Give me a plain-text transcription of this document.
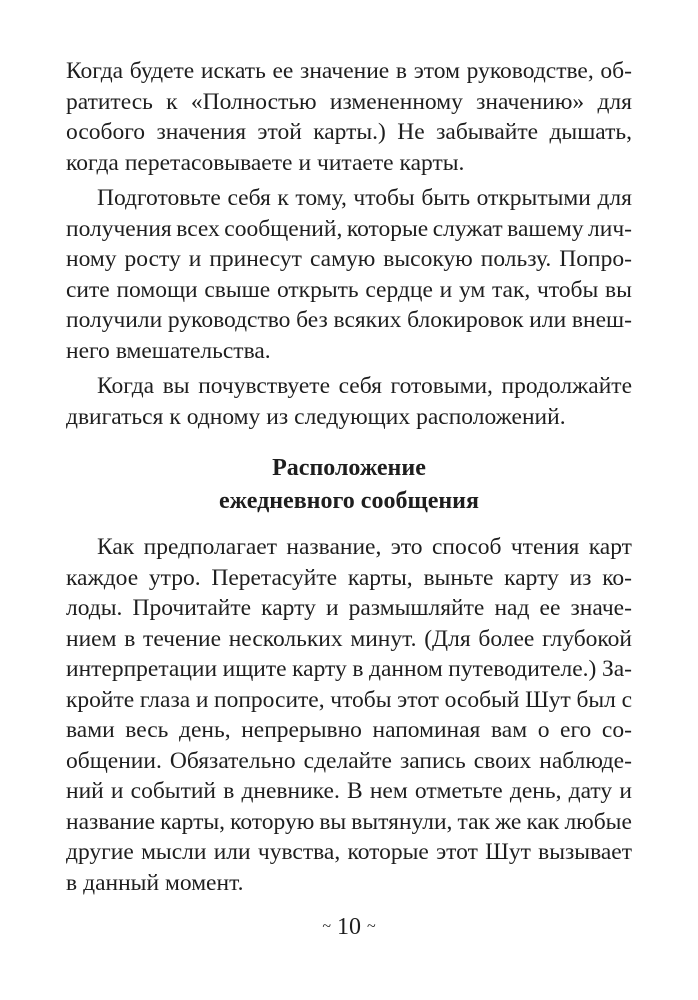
Когда будете искать ее значение в этом руководстве, об-
ратитесь к «Полностью измененному значению» для
особого значения этой карты.) Не забывайте дышать,
когда перетасовываете и читаете карты.
Подготовьте себя к тому, чтобы быть открытыми для
получения всех сообщений, которые служат вашему лич-
ному росту и принесут самую высокую пользу. Попро-
сите помощи свыше открыть сердце и ум так, чтобы вы
получили руководство без всяких блокировок или внеш-
него вмешательства.
Когда вы почувствуете себя готовыми, продолжайте
двигаться к одному из следующих расположений.
Расположение
ежедневного сообщения
Как предполагает название, это способ чтения карт
каждое утро. Перетасуйте карты, выньте карту из ко-
лоды. Прочитайте карту и размышляйте над ее значе-
нием в течение нескольких минут. (Для более глубокой
интерпретации ищите карту в данном путеводителе.) За-
кройте глаза и попросите, чтобы этот особый Шут был с
вами весь день, непрерывно напоминая вам о его со-
общении. Обязательно сделайте запись своих наблюде-
ний и событий в дневнике. В нем отметьте день, дату и
название карты, которую вы вытянули, так же как любые
другие мысли или чувства, которые этот Шут вызывает
в данный момент.
~ 10 ~
